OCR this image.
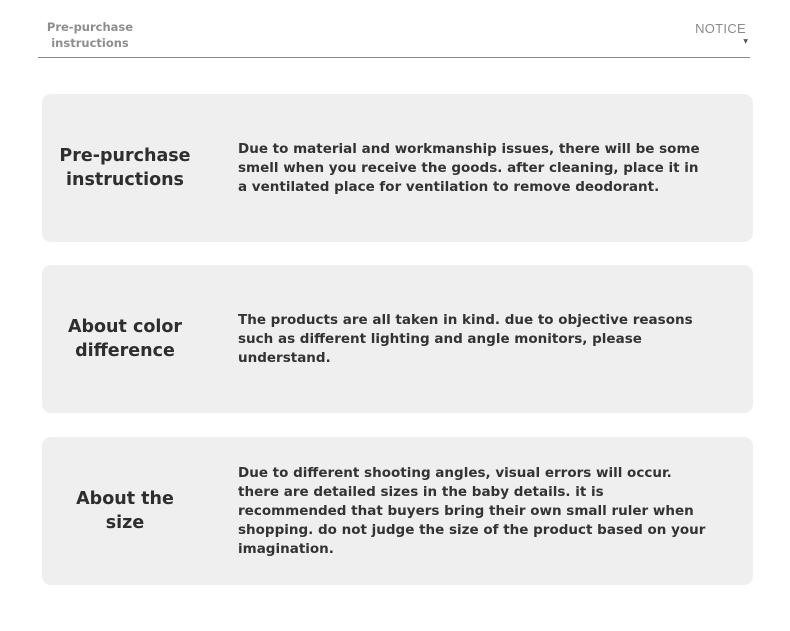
Pre-purchase instructions
NOTICE
▼
Pre-purchase instructions
Due to material and workmanship issues, there will be some smell when you receive the goods. after cleaning, place it in a ventilated place for ventilation to remove deodorant.
About color difference
The products are all taken in kind. due to objective reasons such as different lighting and angle monitors, please understand.
About the size
Due to different shooting angles, visual errors will occur. there are detailed sizes in the baby details. it is recommended that buyers bring their own small ruler when shopping. do not judge the size of the product based on your imagination.
